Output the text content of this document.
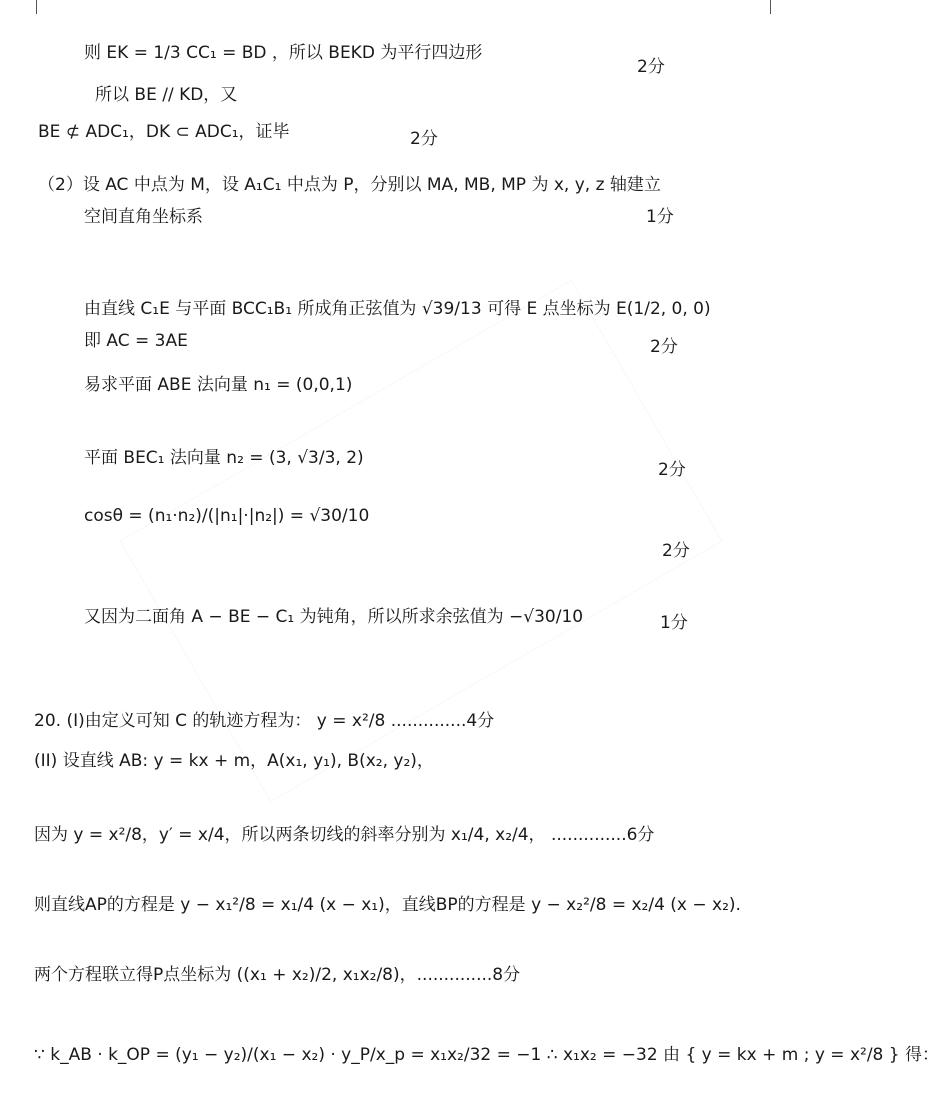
则 EK = 1/3 CC₁ = BD ，所以 BEKD 为平行四边形
2分
所以 BE // KD，又
BE ⊄ ADC₁，DK ⊂ ADC₁，证毕	2分
（2）设 AC 中点为 M，设 A₁C₁ 中点为 P，分别以 MA, MB, MP 为 x, y, z 轴建立
空间直角坐标系	1分
由直线 C₁E 与平面 BCC₁B₁ 所成角正弦值为 √39/13 可得 E 点坐标为 E(1/2, 0, 0)
即 AC = 3AE	2分
易求平面 ABE 法向量 n₁ = (0,0,1)
平面 BEC₁ 法向量 n₂ = (3, √3/3, 2)
2分
cosθ = (n₁·n₂)/(|n₁|·|n₂|) = √30/10
2分
又因为二面角 A − BE − C₁ 为钝角，所以所求余弦值为 −√30/10	1分
20. (I)由定义可知 C 的轨迹方程为： y = x²/8 ..............4分
(II) 设直线 AB: y = kx + m，A(x₁, y₁), B(x₂, y₂)，
因为 y = x²/8，y′ = x/4，所以两条切线的斜率分别为 x₁/4, x₂/4， ..............6分
则直线AP的方程是 y − x₁²/8 = x₁/4 (x − x₁)，直线BP的方程是 y − x₂²/8 = x₂/4 (x − x₂).
两个方程联立得P点坐标为 ((x₁ + x₂)/2, x₁x₂/8)，..............8分
∵ k_AB · k_OP = (y₁ − y₂)/(x₁ − x₂) · y_P/x_p = x₁x₂/32 = −1 ∴ x₁x₂ = −32 由 { y = kx + m ; y = x²/8 } 得：
